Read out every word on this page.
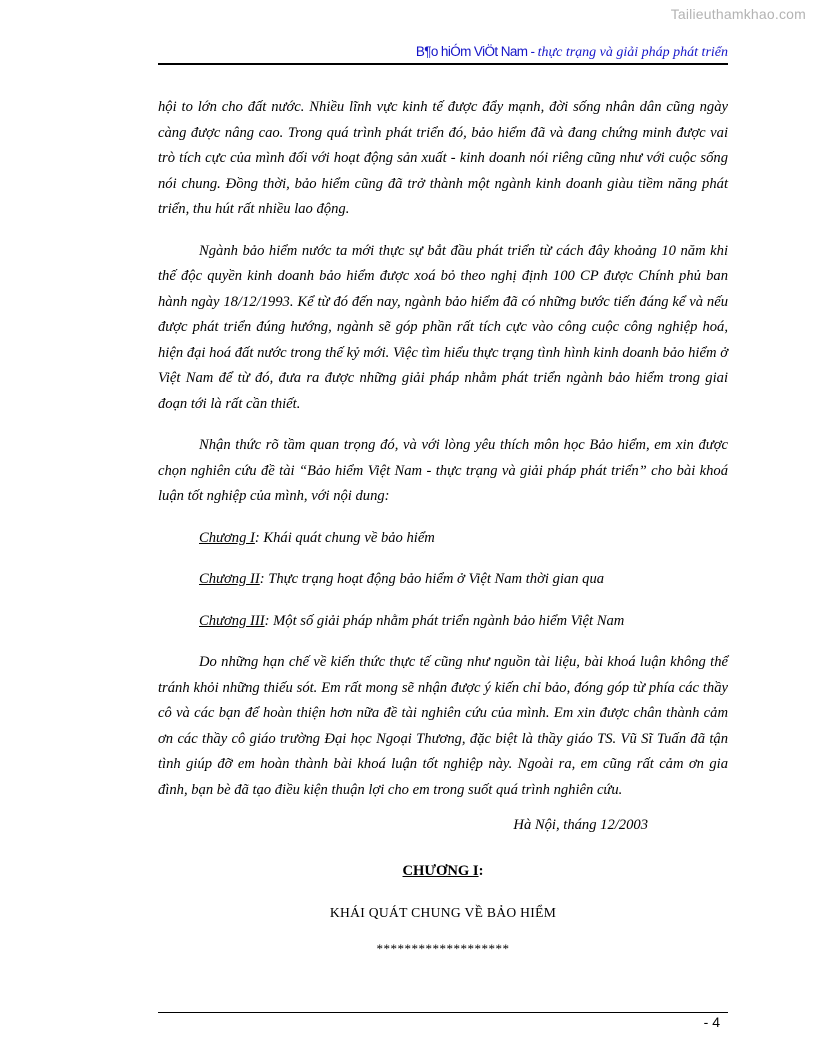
Tailieuthamkhao.com
B¶o hiÓm ViÖt Nam - thực trạng và giải pháp phát triển

hội to lớn cho đất nước. Nhiều lĩnh vực kinh tế được đẩy mạnh, đời sống nhân dân cũng ngày càng được nâng cao. Trong quá trình phát triển đó, bảo hiểm đã và đang chứng minh được vai trò tích cực của mình đối với hoạt động sản xuất - kinh doanh nói riêng cũng như với cuộc sống nói chung. Đồng thời, bảo hiểm cũng đã trở thành một ngành kinh doanh giàu tiềm năng phát triển, thu hút rất nhiều lao động.

Ngành bảo hiểm nước ta mới thực sự bắt đầu phát triển từ cách đây khoảng 10 năm khi thế độc quyền kinh doanh bảo hiểm được xoá bỏ theo nghị định 100 CP được Chính phủ ban hành ngày 18/12/1993. Kể từ đó đến nay, ngành bảo hiểm đã có những bước tiến đáng kể và nếu được phát triển đúng hướng, ngành sẽ góp phần rất tích cực vào công cuộc công nghiệp hoá, hiện đại hoá đất nước trong thế kỷ mới. Việc tìm hiểu thực trạng tình hình kinh doanh bảo hiểm ở Việt Nam để từ đó, đưa ra được những giải pháp nhằm phát triển ngành bảo hiểm trong giai đoạn tới là rất cần thiết.

Nhận thức rõ tầm quan trọng đó, và với lòng yêu thích môn học Bảo hiểm, em xin được chọn nghiên cứu đề tài “Bảo hiểm Việt Nam - thực trạng và giải pháp phát triển” cho bài khoá luận tốt nghiệp của mình, với nội dung:

Chương I: Khái quát chung về bảo hiểm

Chương II: Thực trạng hoạt động bảo hiểm ở Việt Nam thời gian qua

Chương III: Một số giải pháp nhằm phát triển ngành bảo hiểm Việt Nam

Do những hạn chế về kiến thức thực tế cũng như nguồn tài liệu, bài khoá luận không thể tránh khỏi những thiếu sót. Em rất mong sẽ nhận được ý kiến chỉ bảo, đóng góp từ phía các thầy cô và các bạn để hoàn thiện hơn nữa đề tài nghiên cứu của mình. Em xin được chân thành cảm ơn các thầy cô giáo trường Đại học Ngoại Thương, đặc biệt là thầy giáo TS. Vũ Sĩ Tuấn đã tận tình giúp đỡ em hoàn thành bài khoá luận tốt nghiệp này. Ngoài ra, em cũng rất cảm ơn gia đình, bạn bè đã tạo điều kiện thuận lợi cho em trong suốt quá trình nghiên cứu.

Hà Nội, tháng 12/2003

CHƯƠNG I:

KHÁI QUÁT CHUNG VỀ BẢO HIỂM

*******************

- 4
